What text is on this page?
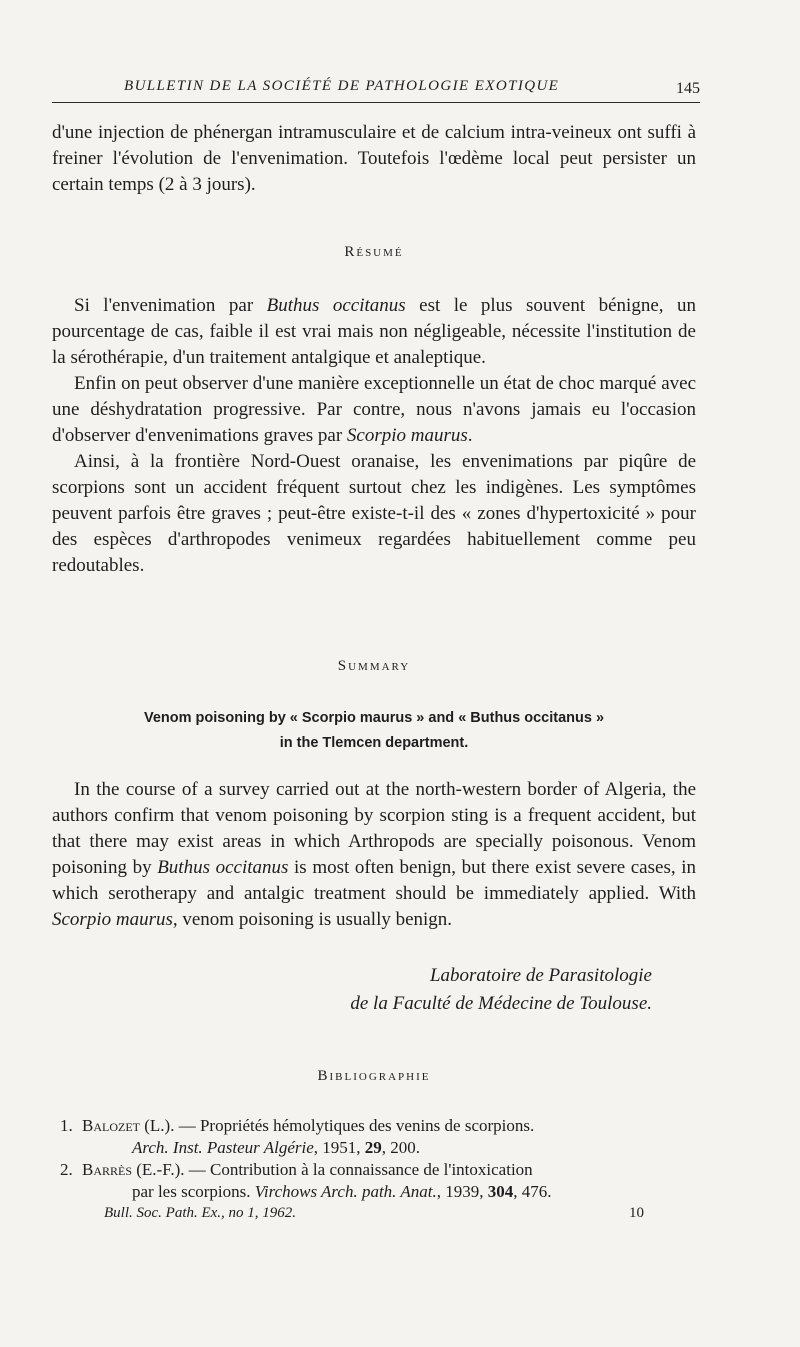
BULLETIN DE LA SOCIÉTÉ DE PATHOLOGIE EXOTIQUE	145

d'une injection de phénergan intramusculaire et de calcium intra-veineux ont suffi à freiner l'évolution de l'envenimation. Toutefois l'œdème local peut persister un certain temps (2 à 3 jours).

Résumé

Si l'envenimation par Buthus occitanus est le plus souvent bénigne, un pourcentage de cas, faible il est vrai mais non négligeable, nécessite l'institution de la sérothérapie, d'un traitement antalgique et analeptique.

Enfin on peut observer d'une manière exceptionnelle un état de choc marqué avec une déshydratation progressive. Par contre, nous n'avons jamais eu l'occasion d'observer d'envenimations graves par Scorpio maurus.

Ainsi, à la frontière Nord-Ouest oranaise, les envenimations par piqûre de scorpions sont un accident fréquent surtout chez les indigènes. Les symptômes peuvent parfois être graves ; peut-être existe-t-il des « zones d'hypertoxicité » pour des espèces d'arthropodes venimeux regardées habituellement comme peu redoutables.

Summary
Venom poisoning by « Scorpio maurus » and « Buthus occitanus »
in the Tlemcen department.

In the course of a survey carried out at the north-western border of Algeria, the authors confirm that venom poisoning by scorpion sting is a frequent accident, but that there may exist areas in which Arthropods are specially poisonous. Venom poisoning by Buthus occitanus is most often benign, but there exist severe cases, in which serotherapy and antalgic treatment should be immediately applied. With Scorpio maurus, venom poisoning is usually benign.

Laboratoire de Parasitologie
de la Faculté de Médecine de Toulouse.
Bibliographie
1. Balozet (L.). — Propriétés hémolytiques des venins de scorpions.
Arch. Inst. Pasteur Algérie, 1951, 29, 200.
2. Barrès (E.-F.). — Contribution à la connaissance de l'intoxication
par les scorpions. Virchows Arch. path. Anat., 1939, 304, 476.
Bull. Soc. Path. Ex., no 1, 1962.	10
